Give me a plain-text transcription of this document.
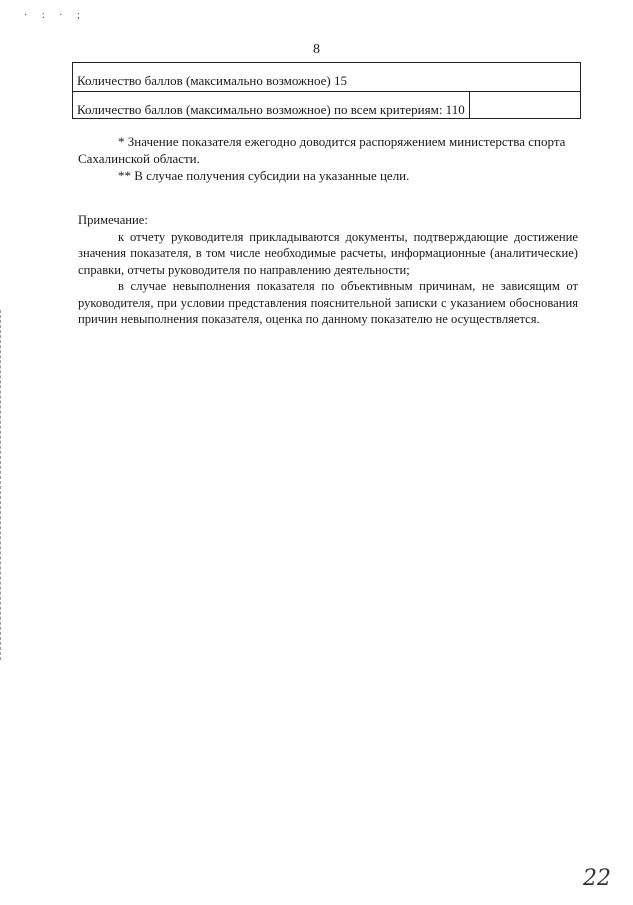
· : · ;
8
Количество баллов (максимально возможное) 15
Количество баллов (максимально возможное) по всем критериям: 110	

* Значение показателя ежегодно доводится распоряжением министерства спорта

Сахалинской области.

** В случае получения субсидии на указанные цели.

Примечание:

к отчету руководителя прикладываются документы, подтверждающие достижение значения показателя, в том числе необходимые расчеты, информационные (аналитические) справки, отчеты руководителя по направлению деятельности;

в случае невыполнения показателя по объективным причинам, не зависящим от руководителя, при условии представления пояснительной записки с указанием обоснования причин невыполнения показателя, оценка по данному показателю не осуществляется.

22
